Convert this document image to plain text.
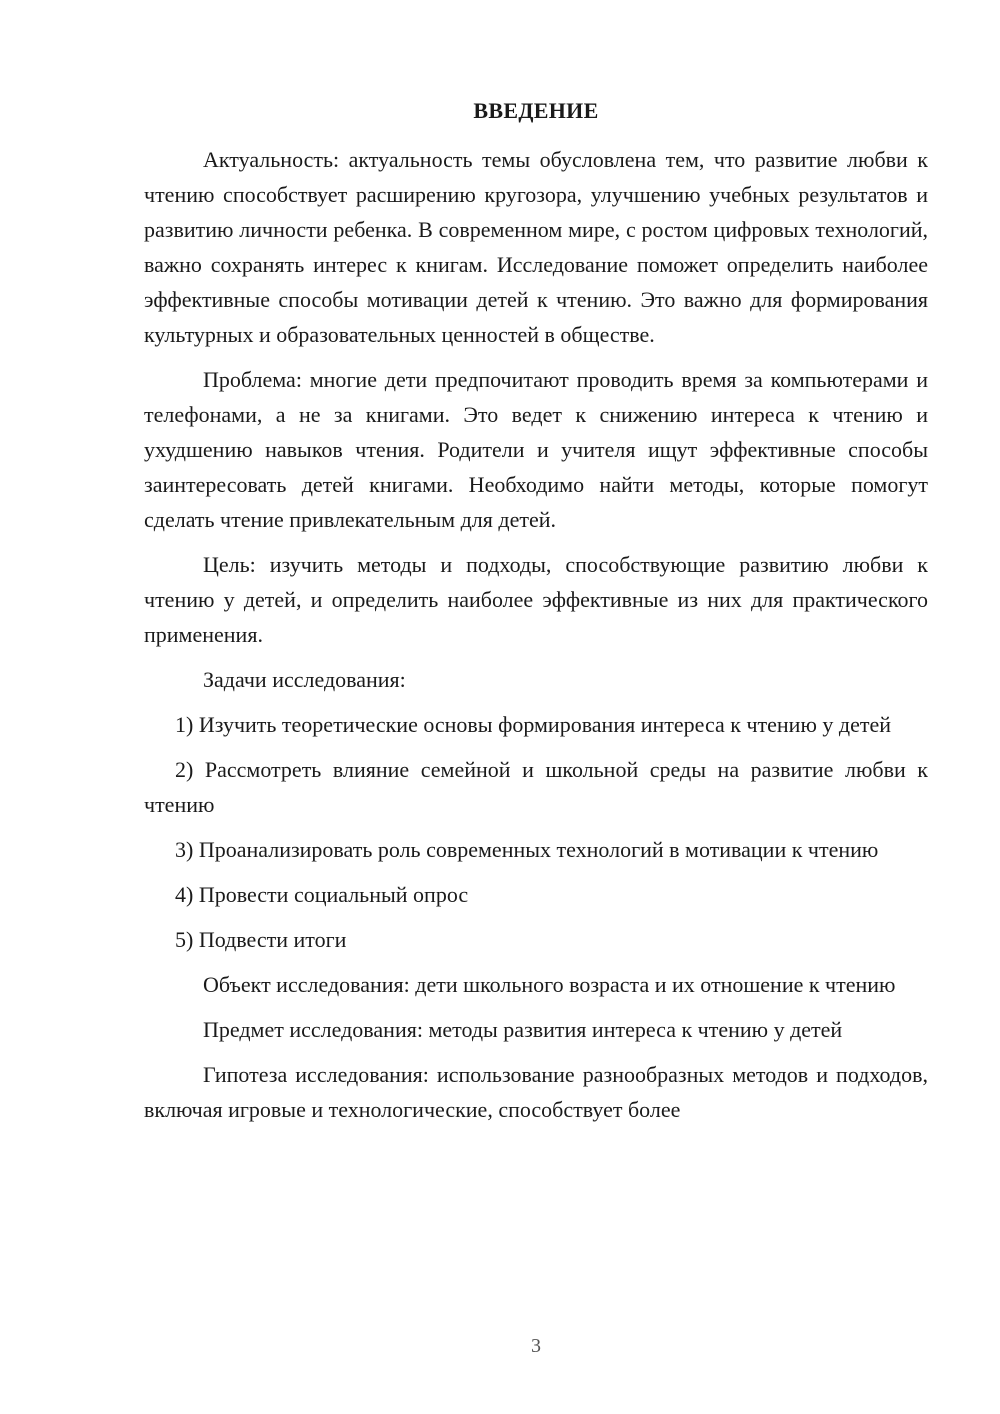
ВВЕДЕНИЕ

Актуальность: актуальность темы обусловлена тем, что развитие любви к чтению способствует расширению кругозора, улучшению учебных результатов и развитию личности ребенка. В современном мире, с ростом цифровых технологий, важно сохранять интерес к книгам. Исследование поможет определить наиболее эффективные способы мотивации детей к чтению. Это важно для формирования культурных и образовательных ценностей в обществе.

Проблема: многие дети предпочитают проводить время за компьютерами и телефонами, а не за книгами. Это ведет к снижению интереса к чтению и ухудшению навыков чтения. Родители и учителя ищут эффективные способы заинтересовать детей книгами. Необходимо найти методы, которые помогут сделать чтение привлекательным для детей.

Цель: изучить методы и подходы, способствующие развитию любви к чтению у детей, и определить наиболее эффективные из них для практического применения.

Задачи исследования:

1) Изучить теоретические основы формирования интереса к чтению у детей

2) Рассмотреть влияние семейной и школьной среды на развитие любви к чтению

3) Проанализировать роль современных технологий в мотивации к чтению

4) Провести социальный опрос

5) Подвести итоги

Объект исследования: дети школьного возраста и их отношение к чтению

Предмет исследования: методы развития интереса к чтению у детей

Гипотеза исследования: использование разнообразных методов и подходов, включая игровые и технологические, способствует более

3
